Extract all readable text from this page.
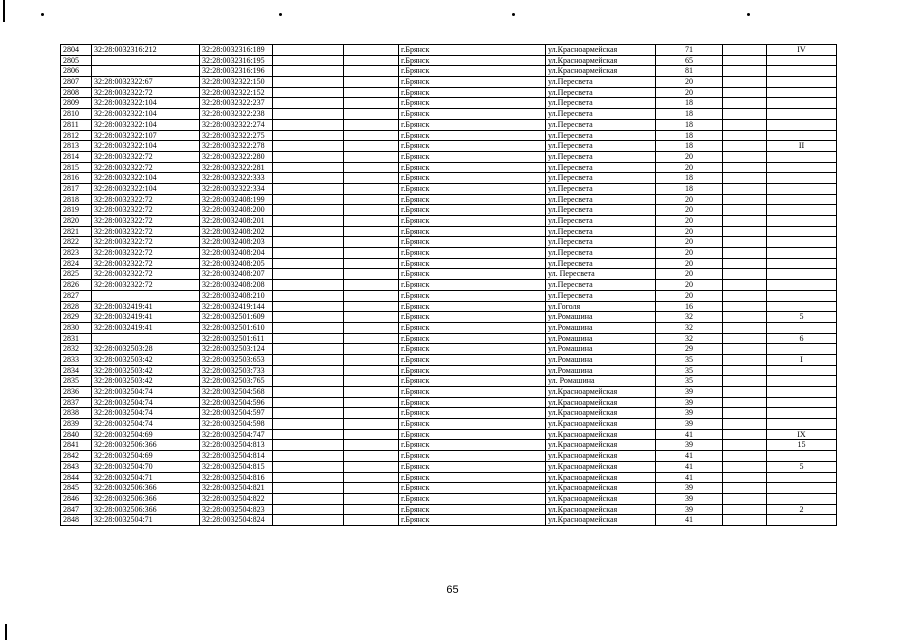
2804	32:28:0032316:212	32:28:0032316:189			г.Брянск	ул.Красноармейская	71		IV
2805		32:28:0032316:195			г.Брянск	ул.Красноармейская	65		
2806		32:28:0032316:196			г.Брянск	ул.Красноармейская	81		
2807	32:28:0032322:67	32:28:0032322:150			г.Брянск	ул.Пересвета	20		
2808	32:28:0032322:72	32:28:0032322:152			г.Брянск	ул.Пересвета	20		
2809	32:28:0032322:104	32:28:0032322:237			г.Брянск	ул.Пересвета	18		
2810	32:28:0032322:104	32:28:0032322:238			г.Брянск	ул.Пересвета	18		
2811	32:28:0032322:104	32:28:0032322:274			г.Брянск	ул.Пересвета	18		
2812	32:28:0032322:107	32:28:0032322:275			г.Брянск	ул.Пересвета	18		
2813	32:28:0032322:104	32:28:0032322:278			г.Брянск	ул.Пересвета	18		II
2814	32:28:0032322:72	32:28:0032322:280			г.Брянск	ул.Пересвета	20		
2815	32:28:0032322:72	32:28:0032322:281			г.Брянск	ул.Пересвета	20		
2816	32:28:0032322:104	32:28:0032322:333			г.Брянск	ул.Пересвета	18		
2817	32:28:0032322:104	32:28:0032322:334			г.Брянск	ул.Пересвета	18		
2818	32:28:0032322:72	32:28:0032408:199			г.Брянск	ул.Пересвета	20		
2819	32:28:0032322:72	32:28:0032408:200			г.Брянск	ул.Пересвета	20		
2820	32:28:0032322:72	32:28:0032408:201			г.Брянск	ул.Пересвета	20		
2821	32:28:0032322:72	32:28:0032408:202			г.Брянск	ул.Пересвета	20		
2822	32:28:0032322:72	32:28:0032408:203			г.Брянск	ул.Пересвета	20		
2823	32:28:0032322:72	32:28:0032408:204			г.Брянск	ул.Пересвета	20		
2824	32:28:0032322:72	32:28:0032408:205			г.Брянск	ул.Пересвета	20		
2825	32:28:0032322:72	32:28:0032408:207			г.Брянск	ул. Пересвета	20		
2826	32:28:0032322:72	32:28:0032408:208			г.Брянск	ул.Пересвета	20		
2827		32:28:0032408:210			г.Брянск	ул.Пересвета	20		
2828	32:28:0032419:41	32:28:0032419:144			г.Брянск	ул.Гоголя	16		
2829	32:28:0032419:41	32:28:0032501:609			г.Брянск	ул.Ромашина	32		5
2830	32:28:0032419:41	32:28:0032501:610			г.Брянск	ул.Ромашина	32		
2831		32:28:0032501:611			г.Брянск	ул.Ромашина	32		6
2832	32:28:0032503:28	32:28:0032503:124			г.Брянск	ул.Ромашина	29		
2833	32:28:0032503:42	32:28:0032503:653			г.Брянск	ул.Ромашина	35		I
2834	32:28:0032503:42	32:28:0032503:733			г.Брянск	ул.Ромашина	35		
2835	32:28:0032503:42	32:28:0032503:765			г.Брянск	ул. Ромашина	35		
2836	32:28:0032504:74	32:28:0032504:568			г.Брянск	ул.Красноармейская	39		
2837	32:28:0032504:74	32:28:0032504:596			г.Брянск	ул.Красноармейская	39		
2838	32:28:0032504:74	32:28:0032504:597			г.Брянск	ул.Красноармейская	39		
2839	32:28:0032504:74	32:28:0032504:598			г.Брянск	ул.Красноармейская	39		
2840	32:28:0032504:69	32:28:0032504:747			г.Брянск	ул.Красноармейская	41		IX
2841	32:28:0032506:366	32:28:0032504:813			г.Брянск	ул.Красноармейская	39		15
2842	32:28:0032504:69	32:28:0032504:814			г.Брянск	ул.Красноармейская	41		
2843	32:28:0032504:70	32:28:0032504:815			г.Брянск	ул.Красноармейская	41		5
2844	32:28:0032504:71	32:28:0032504:816			г.Брянск	ул.Красноармейская	41		
2845	32:28:0032506:366	32:28:0032504:821			г.Брянск	ул.Красноармейская	39		
2846	32:28:0032506:366	32:28:0032504:822			г.Брянск	ул.Красноармейская	39		
2847	32:28:0032506:366	32:28:0032504:823			г.Брянск	ул.Красноармейская	39		2
2848	32:28:0032504:71	32:28:0032504:824			г.Брянск	ул.Красноармейская	41		
65
